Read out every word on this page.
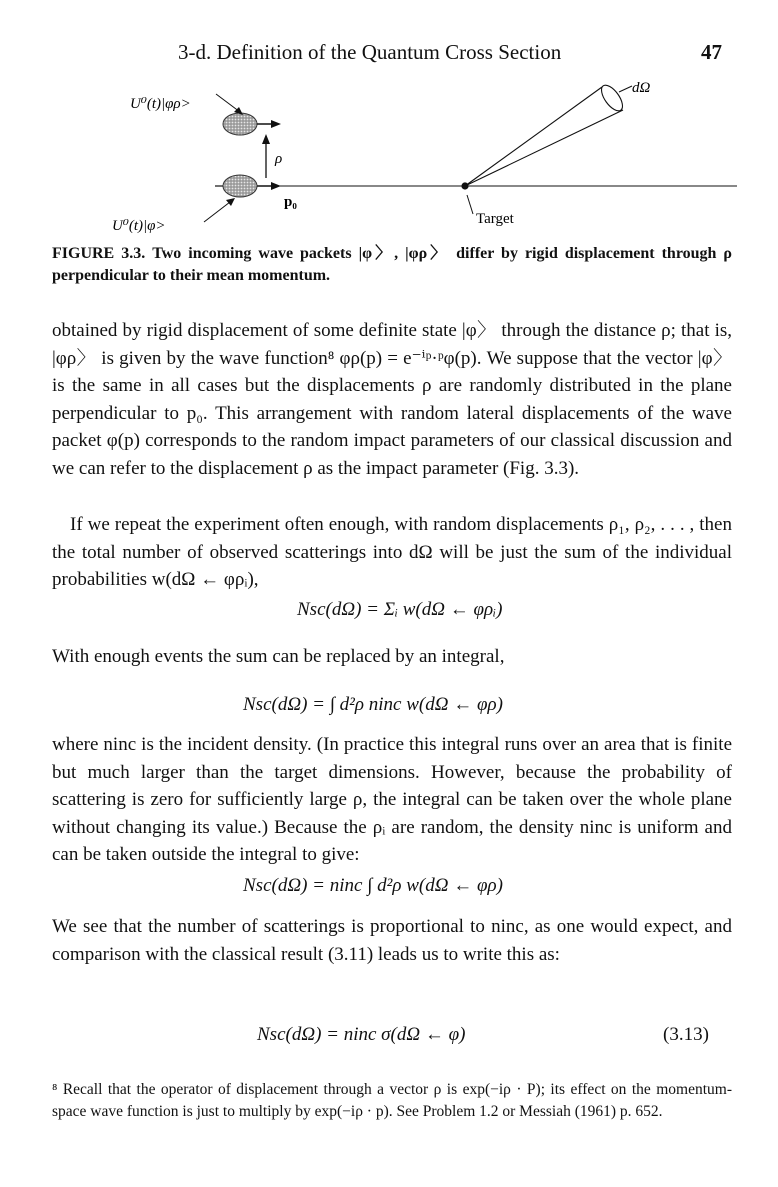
3-d. Definition of the Quantum Cross Section	47
U⁰(t)|φρ>
U⁰(t)|φ>
ρ
p₀
Target
dΩ
FIGURE 3.3. Two incoming wave packets |φ〉, |φρ〉 differ by rigid displacement through ρ perpendicular to their mean momentum.

obtained by rigid displacement of some definite state |φ〉 through the distance ρ; that is, |φρ〉 is given by the wave function⁸ φρ(p) = e⁻ⁱᵖ·ᵖφ(p). We suppose that the vector |φ〉 is the same in all cases but the displacements ρ are randomly distributed in the plane perpendicular to p₀. This arrangement with random lateral displacements of the wave packet φ(p) corresponds to the random impact parameters of our classical discussion and we can refer to the displacement ρ as the impact parameter (Fig. 3.3).

If we repeat the experiment often enough, with random displacements ρ₁, ρ₂, . . . , then the total number of observed scatterings into dΩ will be just the sum of the individual probabilities w(dΩ ← φρᵢ),

Nsc(dΩ) = Σᵢ w(dΩ ← φρᵢ)

With enough events the sum can be replaced by an integral,

Nsc(dΩ) = ∫ d²ρ ninc w(dΩ ← φρ)

where ninc is the incident density. (In practice this integral runs over an area that is finite but much larger than the target dimensions. However, because the probability of scattering is zero for sufficiently large ρ, the integral can be taken over the whole plane without changing its value.) Because the ρᵢ are random, the density ninc is uniform and can be taken outside the integral to give:

Nsc(dΩ) = ninc ∫ d²ρ w(dΩ ← φρ)

We see that the number of scatterings is proportional to ninc, as one would expect, and comparison with the classical result (3.11) leads us to write this as:

Nsc(dΩ) = ninc σ(dΩ ← φ)	(3.13)
⁸ Recall that the operator of displacement through a vector ρ is exp(−iρ · P); its effect on the momentum-space wave function is just to multiply by exp(−iρ · p). See Problem 1.2 or Messiah (1961) p. 652.
